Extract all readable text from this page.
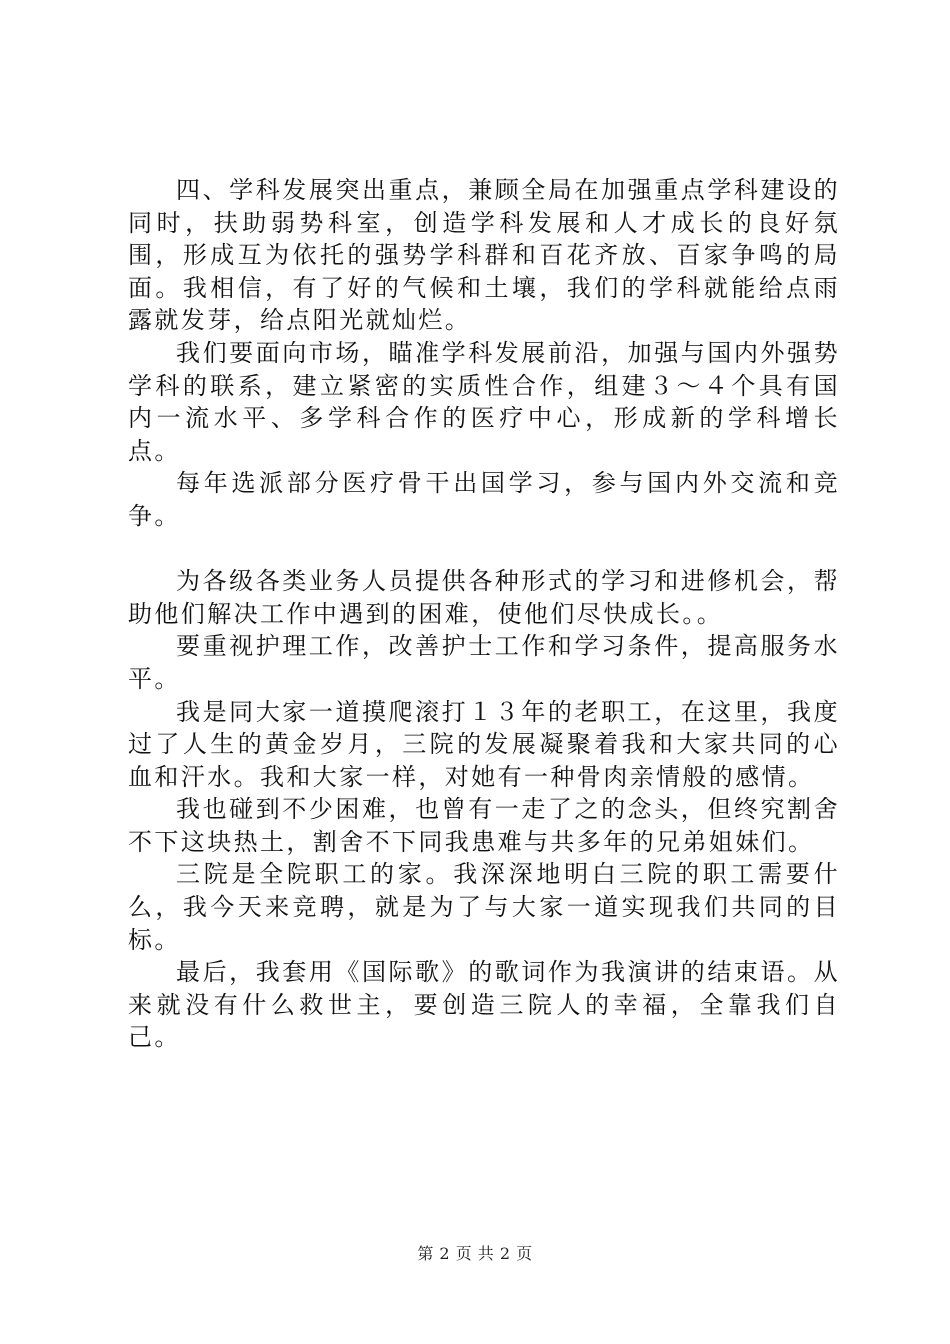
四、学科发展突出重点，兼顾全局在加强重点学科建设的同时，扶助弱势科室，创造学科发展和人才成长的良好氛围，形成互为依托的强势学科群和百花齐放、百家争鸣的局面。我相信，有了好的气候和土壤，我们的学科就能给点雨露就发芽，给点阳光就灿烂。

我们要面向市场，瞄准学科发展前沿，加强与国内外强势学科的联系，建立紧密的实质性合作，组建３～４个具有国内一流水平、多学科合作的医疗中心，形成新的学科增长点。

每年选派部分医疗骨干出国学习，参与国内外交流和竞争。

为各级各类业务人员提供各种形式的学习和进修机会，帮助他们解决工作中遇到的困难，使他们尽快成长。。

要重视护理工作，改善护士工作和学习条件，提高服务水平。

我是同大家一道摸爬滚打１３年的老职工，在这里，我度过了人生的黄金岁月，三院的发展凝聚着我和大家共同的心血和汗水。我和大家一样，对她有一种骨肉亲情般的感情。

我也碰到不少困难，也曾有一走了之的念头，但终究割舍不下这块热土，割舍不下同我患难与共多年的兄弟姐妹们。

三院是全院职工的家。我深深地明白三院的职工需要什么，我今天来竞聘，就是为了与大家一道实现我们共同的目标。

最后，我套用《国际歌》的歌词作为我演讲的结束语。从来就没有什么救世主，要创造三院人的幸福，全靠我们自己。

第 2 页 共 2 页
